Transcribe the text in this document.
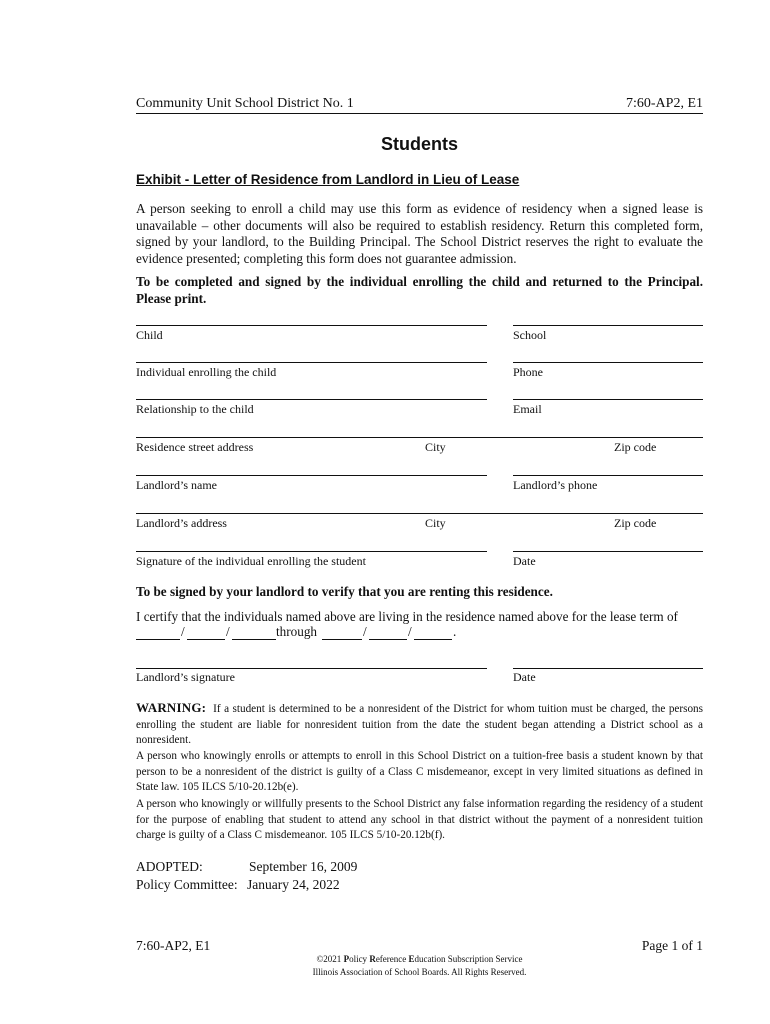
Community Unit School District No. 1	7:60-AP2, E1
Students
Exhibit - Letter of Residence from Landlord in Lieu of Lease
A person seeking to enroll a child may use this form as evidence of residency when a signed lease is unavailable – other documents will also be required to establish residency. Return this completed form, signed by your landlord, to the Building Principal. The School District reserves the right to evaluate the evidence presented; completing this form does not guarantee admission.
To be completed and signed by the individual enrolling the child and returned to the Principal. Please print.
Child	School
Individual enrolling the child	Phone
Relationship to the child	Email
Residence street address	City	Zip code
Landlord’s name	Landlord’s phone
Landlord’s address	City	Zip code
Signature of the individual enrolling the student	Date
To be signed by your landlord to verify that you are renting this residence.
I certify that the individuals named above are living in the residence named above for the lease term of
/	/	through	/	/	.
Landlord’s signature	Date
WARNING: If a student is determined to be a nonresident of the District for whom tuition must be charged, the persons enrolling the student are liable for nonresident tuition from the date the student began attending a District school as a nonresident.
A person who knowingly enrolls or attempts to enroll in this School District on a tuition-free basis a student known by that person to be a nonresident of the district is guilty of a Class C misdemeanor, except in very limited situations as defined in State law. 105 ILCS 5/10-20.12b(e).
A person who knowingly or willfully presents to the School District any false information regarding the residency of a student for the purpose of enabling that student to attend any school in that district without the payment of a nonresident tuition charge is guilty of a Class C misdemeanor. 105 ILCS 5/10-20.12b(f).
ADOPTED:	September 16, 2009
Policy Committee: January 24, 2022
7:60-AP2, E1	Page 1 of 1
©2021 Policy Reference Education Subscription Service
Illinois Association of School Boards. All Rights Reserved.
